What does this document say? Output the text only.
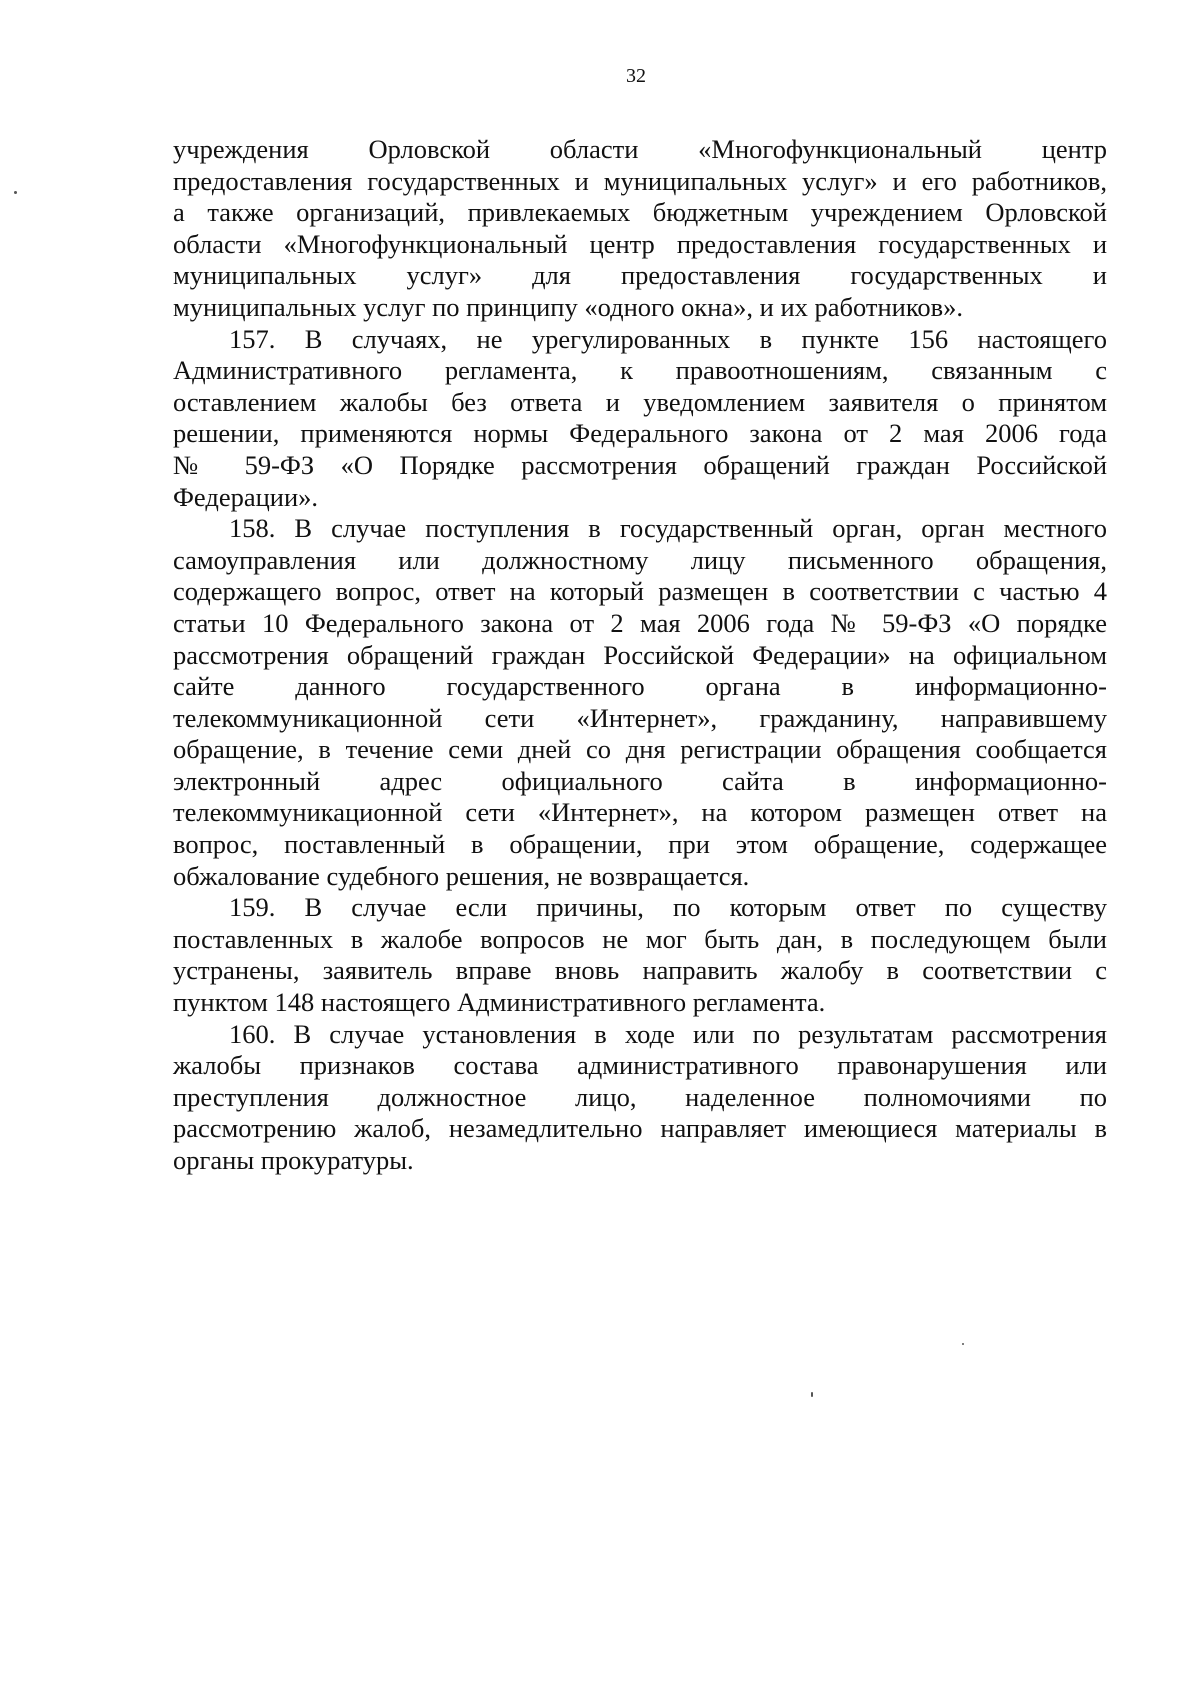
32
учреждения Орловской области «Многофункциональный центр
предоставления государственных и муниципальных услуг» и его работников,
а также организаций, привлекаемых бюджетным учреждением Орловской
области «Многофункциональный центр предоставления государственных и
муниципальных услуг» для предоставления государственных и
муниципальных услуг по принципу «одного окна», и их работников».
157. В случаях, не урегулированных в пункте 156 настоящего
Административного регламента, к правоотношениям, связанным с
оставлением жалобы без ответа и уведомлением заявителя о принятом
решении, применяются нормы Федерального закона от 2 мая 2006 года
№ 59-ФЗ «О Порядке рассмотрения обращений граждан Российской
Федерации».
158. В случае поступления в государственный орган, орган местного
самоуправления или должностному лицу письменного обращения,
содержащего вопрос, ответ на который размещен в соответствии с частью 4
статьи 10 Федерального закона от 2 мая 2006 года № 59-ФЗ «О порядке
рассмотрения обращений граждан Российской Федерации» на официальном
сайте данного государственного органа в информационно-
телекоммуникационной сети «Интернет», гражданину, направившему
обращение, в течение семи дней со дня регистрации обращения сообщается
электронный адрес официального сайта в информационно-
телекоммуникационной сети «Интернет», на котором размещен ответ на
вопрос, поставленный в обращении, при этом обращение, содержащее
обжалование судебного решения, не возвращается.
159. В случае если причины, по которым ответ по существу
поставленных в жалобе вопросов не мог быть дан, в последующем были
устранены, заявитель вправе вновь направить жалобу в соответствии с
пунктом 148 настоящего Административного регламента.
160. В случае установления в ходе или по результатам рассмотрения
жалобы признаков состава административного правонарушения или
преступления должностное лицо, наделенное полномочиями по
рассмотрению жалоб, незамедлительно направляет имеющиеся материалы в
органы прокуратуры.
